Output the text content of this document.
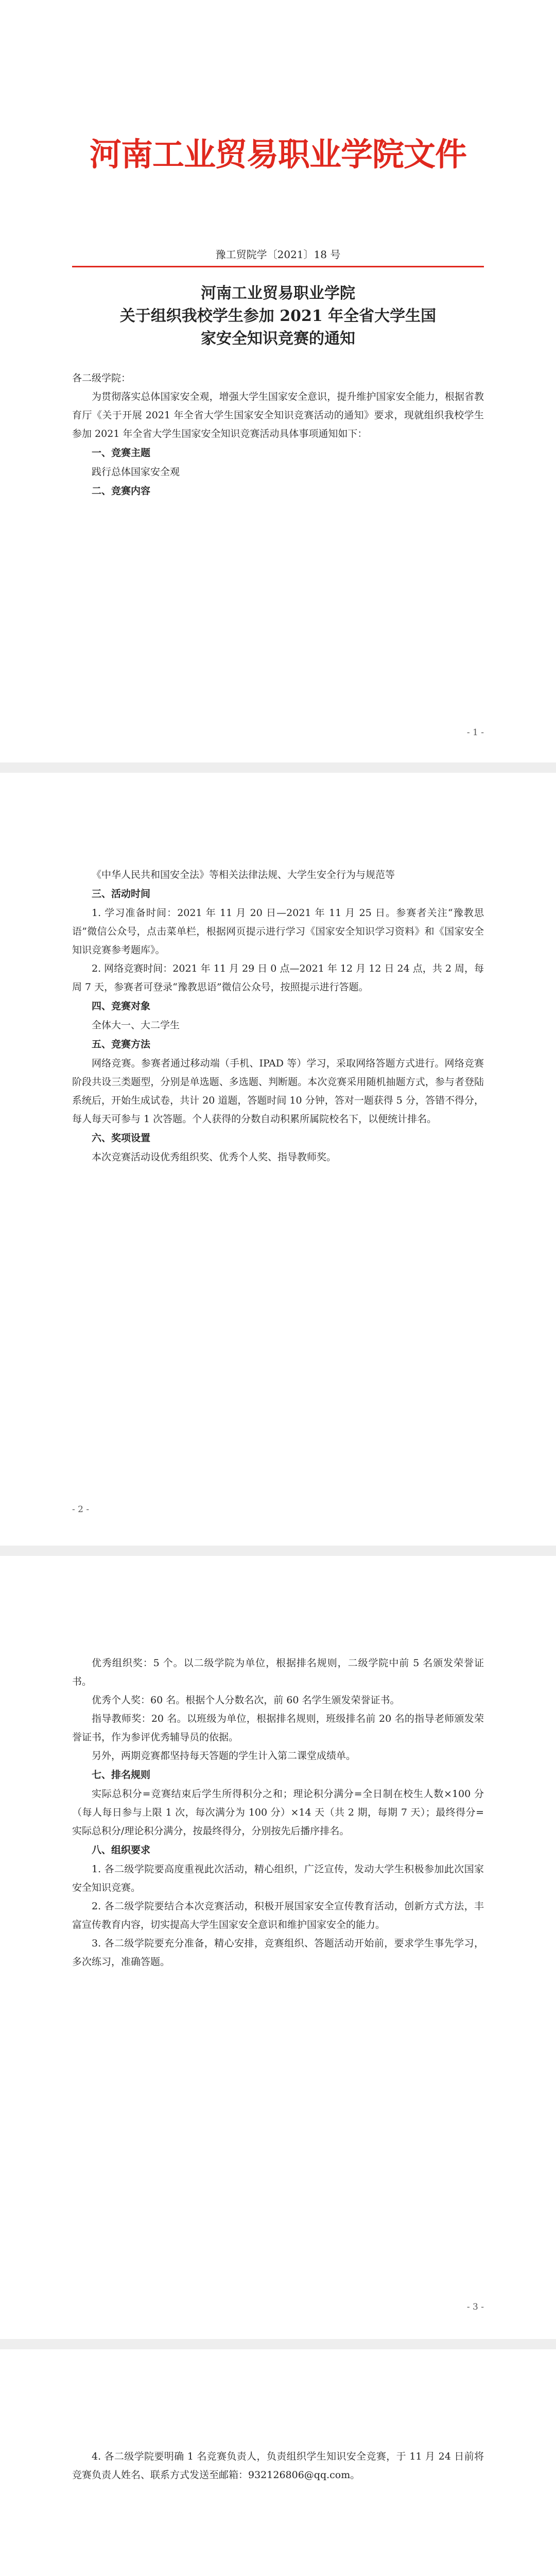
河南工业贸易职业学院文件
豫工贸院学〔2021〕18 号
河南工业贸易职业学院
关于组织我校学生参加 2021 年全省大学生国
家安全知识竞赛的通知

各二级学院：

为贯彻落实总体国家安全观，增强大学生国家安全意识，提升维护国家安全能力，根据省教育厅《关于开展 2021 年全省大学生国家安全知识竞赛活动的通知》要求，现就组织我校学生参加 2021 年全省大学生国家安全知识竞赛活动具体事项通知如下：

一、竞赛主题

践行总体国家安全观

二、竞赛内容

- 1 -

《中华人民共和国安全法》等相关法律法规、大学生安全行为与规范等

三、活动时间

1. 学习准备时间：2021 年 11 月 20 日—2021 年 11 月 25 日。参赛者关注“豫教思语”微信公众号，点击菜单栏，根据网页提示进行学习《国家安全知识学习资料》和《国家安全知识竞赛参考题库》。

2. 网络竞赛时间：2021 年 11 月 29 日 0 点—2021 年 12 月 12 日 24 点，共 2 周，每周 7 天，参赛者可登录“豫教思语”微信公众号，按照提示进行答题。

四、竞赛对象

全体大一、大二学生

五、竞赛方法

网络竞赛。参赛者通过移动端（手机、IPAD 等）学习，采取网络答题方式进行。网络竞赛阶段共设三类题型，分别是单选题、多选题、判断题。本次竞赛采用随机抽题方式，参与者登陆系统后，开始生成试卷，共计 20 道题，答题时间 10 分钟，答对一题获得 5 分，答错不得分，每人每天可参与 1 次答题。个人获得的分数自动积累所属院校名下，以便统计排名。

六、奖项设置

本次竞赛活动设优秀组织奖、优秀个人奖、指导教师奖。

- 2 -

优秀组织奖：5 个。以二级学院为单位，根据排名规则，二级学院中前 5 名颁发荣誉证书。

优秀个人奖：60 名。根据个人分数名次，前 60 名学生颁发荣誉证书。

指导教师奖：20 名。以班级为单位，根据排名规则，班级排名前 20 名的指导老师颁发荣誉证书，作为参评优秀辅导员的依据。

另外，两期竞赛都坚持每天答题的学生计入第二课堂成绩单。

七、排名规则

实际总积分=竞赛结束后学生所得积分之和；理论积分满分=全日制在校生人数×100 分（每人每日参与上限 1 次，每次满分为 100 分）×14 天（共 2 期，每期 7 天）；最终得分=实际总积分/理论积分满分，按最终得分，分别按先后播序排名。

八、组织要求

1. 各二级学院要高度重视此次活动，精心组织，广泛宣传，发动大学生积极参加此次国家安全知识竞赛。

2. 各二级学院要结合本次竞赛活动，积极开展国家安全宣传教育活动，创新方式方法，丰富宣传教育内容，切实提高大学生国家安全意识和维护国家安全的能力。

3. 各二级学院要充分准备，精心安排，竞赛组织、答题活动开始前，要求学生事先学习，多次练习，准确答题。

- 3 -

4. 各二级学院要明确 1 名竞赛负责人，负责组织学生知识安全竞赛，于 11 月 24 日前将竞赛负责人姓名、联系方式发送至邮箱：932126806@qq.com。
